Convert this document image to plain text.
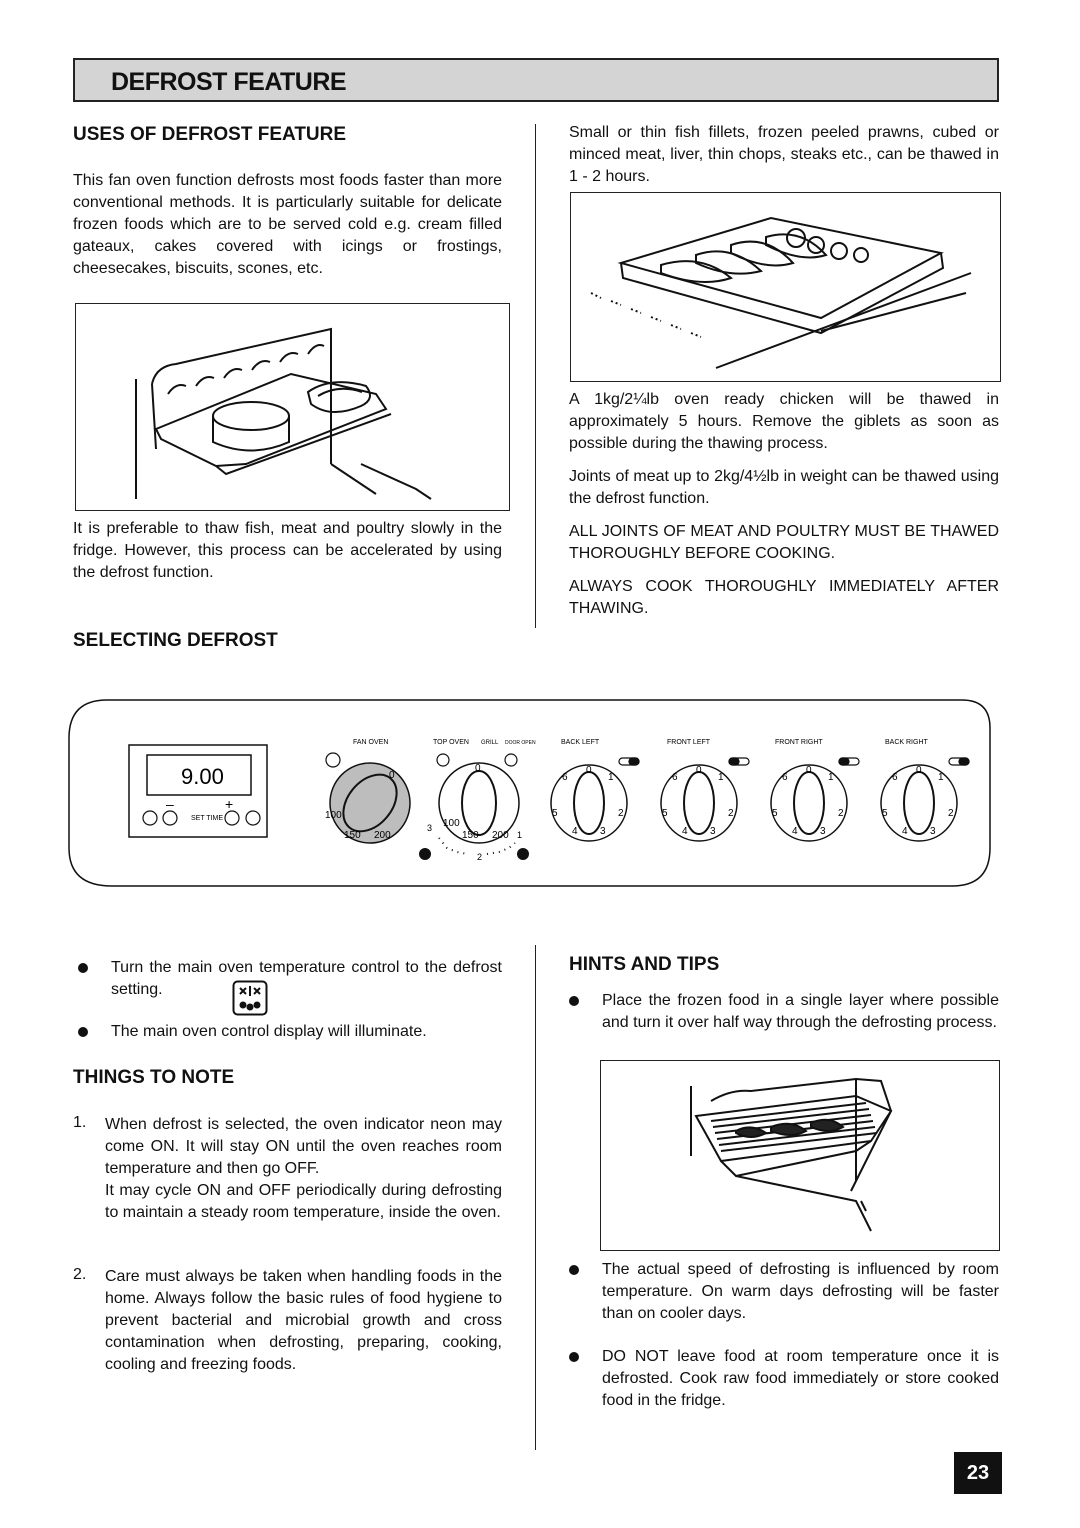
DEFROST FEATURE
USES OF DEFROST FEATURE

This fan oven function defrosts most foods faster than more conventional methods. It is particularly suitable for delicate frozen foods which are to be served cold e.g. cream filled gateaux, cakes covered with icings or frostings, cheesecakes, biscuits, scones, etc.

It is preferable to thaw fish, meat and poultry slowly in the fridge. However, this process can be accelerated by using the defrost function.

Small or thin fish fillets, frozen peeled prawns, cubed or minced meat, liver, thin chops, steaks etc., can be thawed in 1 - 2 hours.

A 1kg/2¼lb oven ready chicken will be thawed in approximately 5 hours. Remove the giblets as soon as possible during the thawing process.

Joints of meat up to 2kg/4½lb in weight can be thawed using the defrost function.

ALL JOINTS OF MEAT AND POULTRY MUST BE THAWED THOROUGHLY BEFORE COOKING.

ALWAYS COOK THOROUGHLY IMMEDIATELY AFTER THAWING.

SELECTING DEFROST
9.00
–
SET TIME
+
FAN OVEN	TOP OVEN GRILL DOOR OPEN	BACK LEFT	FRONT LEFT	FRONT RIGHT	BACK RIGHT
0
100
150 200
0
100
150 200
3
1
2
0
1
2
3
4
5
6
0
1
2
3
4
5
6
0
1
2
3
4
5
6
0
1
2
3
4
5
6

Turn the main oven temperature control to the defrost setting.

The main oven control display will illuminate.

THINGS TO NOTE
1. When defrost is selected, the oven indicator neon may come ON. It will stay ON until the oven reaches room temperature and then go OFF.

It may cycle ON and OFF periodically during defrosting to maintain a steady room temperature, inside the oven.

2. Care must always be taken when handling foods in the home. Always follow the basic rules of food hygiene to prevent bacterial and microbial growth and cross contamination when defrosting, preparing, cooking, cooling and freezing foods.

HINTS AND TIPS

Place the frozen food in a single layer where possible and turn it over half way through the defrosting process.

The actual speed of defrosting is influenced by room temperature. On warm days defrosting will be faster than on cooler days.

DO NOT leave food at room temperature once it is defrosted. Cook raw food immediately or store cooked food in the fridge.

23
